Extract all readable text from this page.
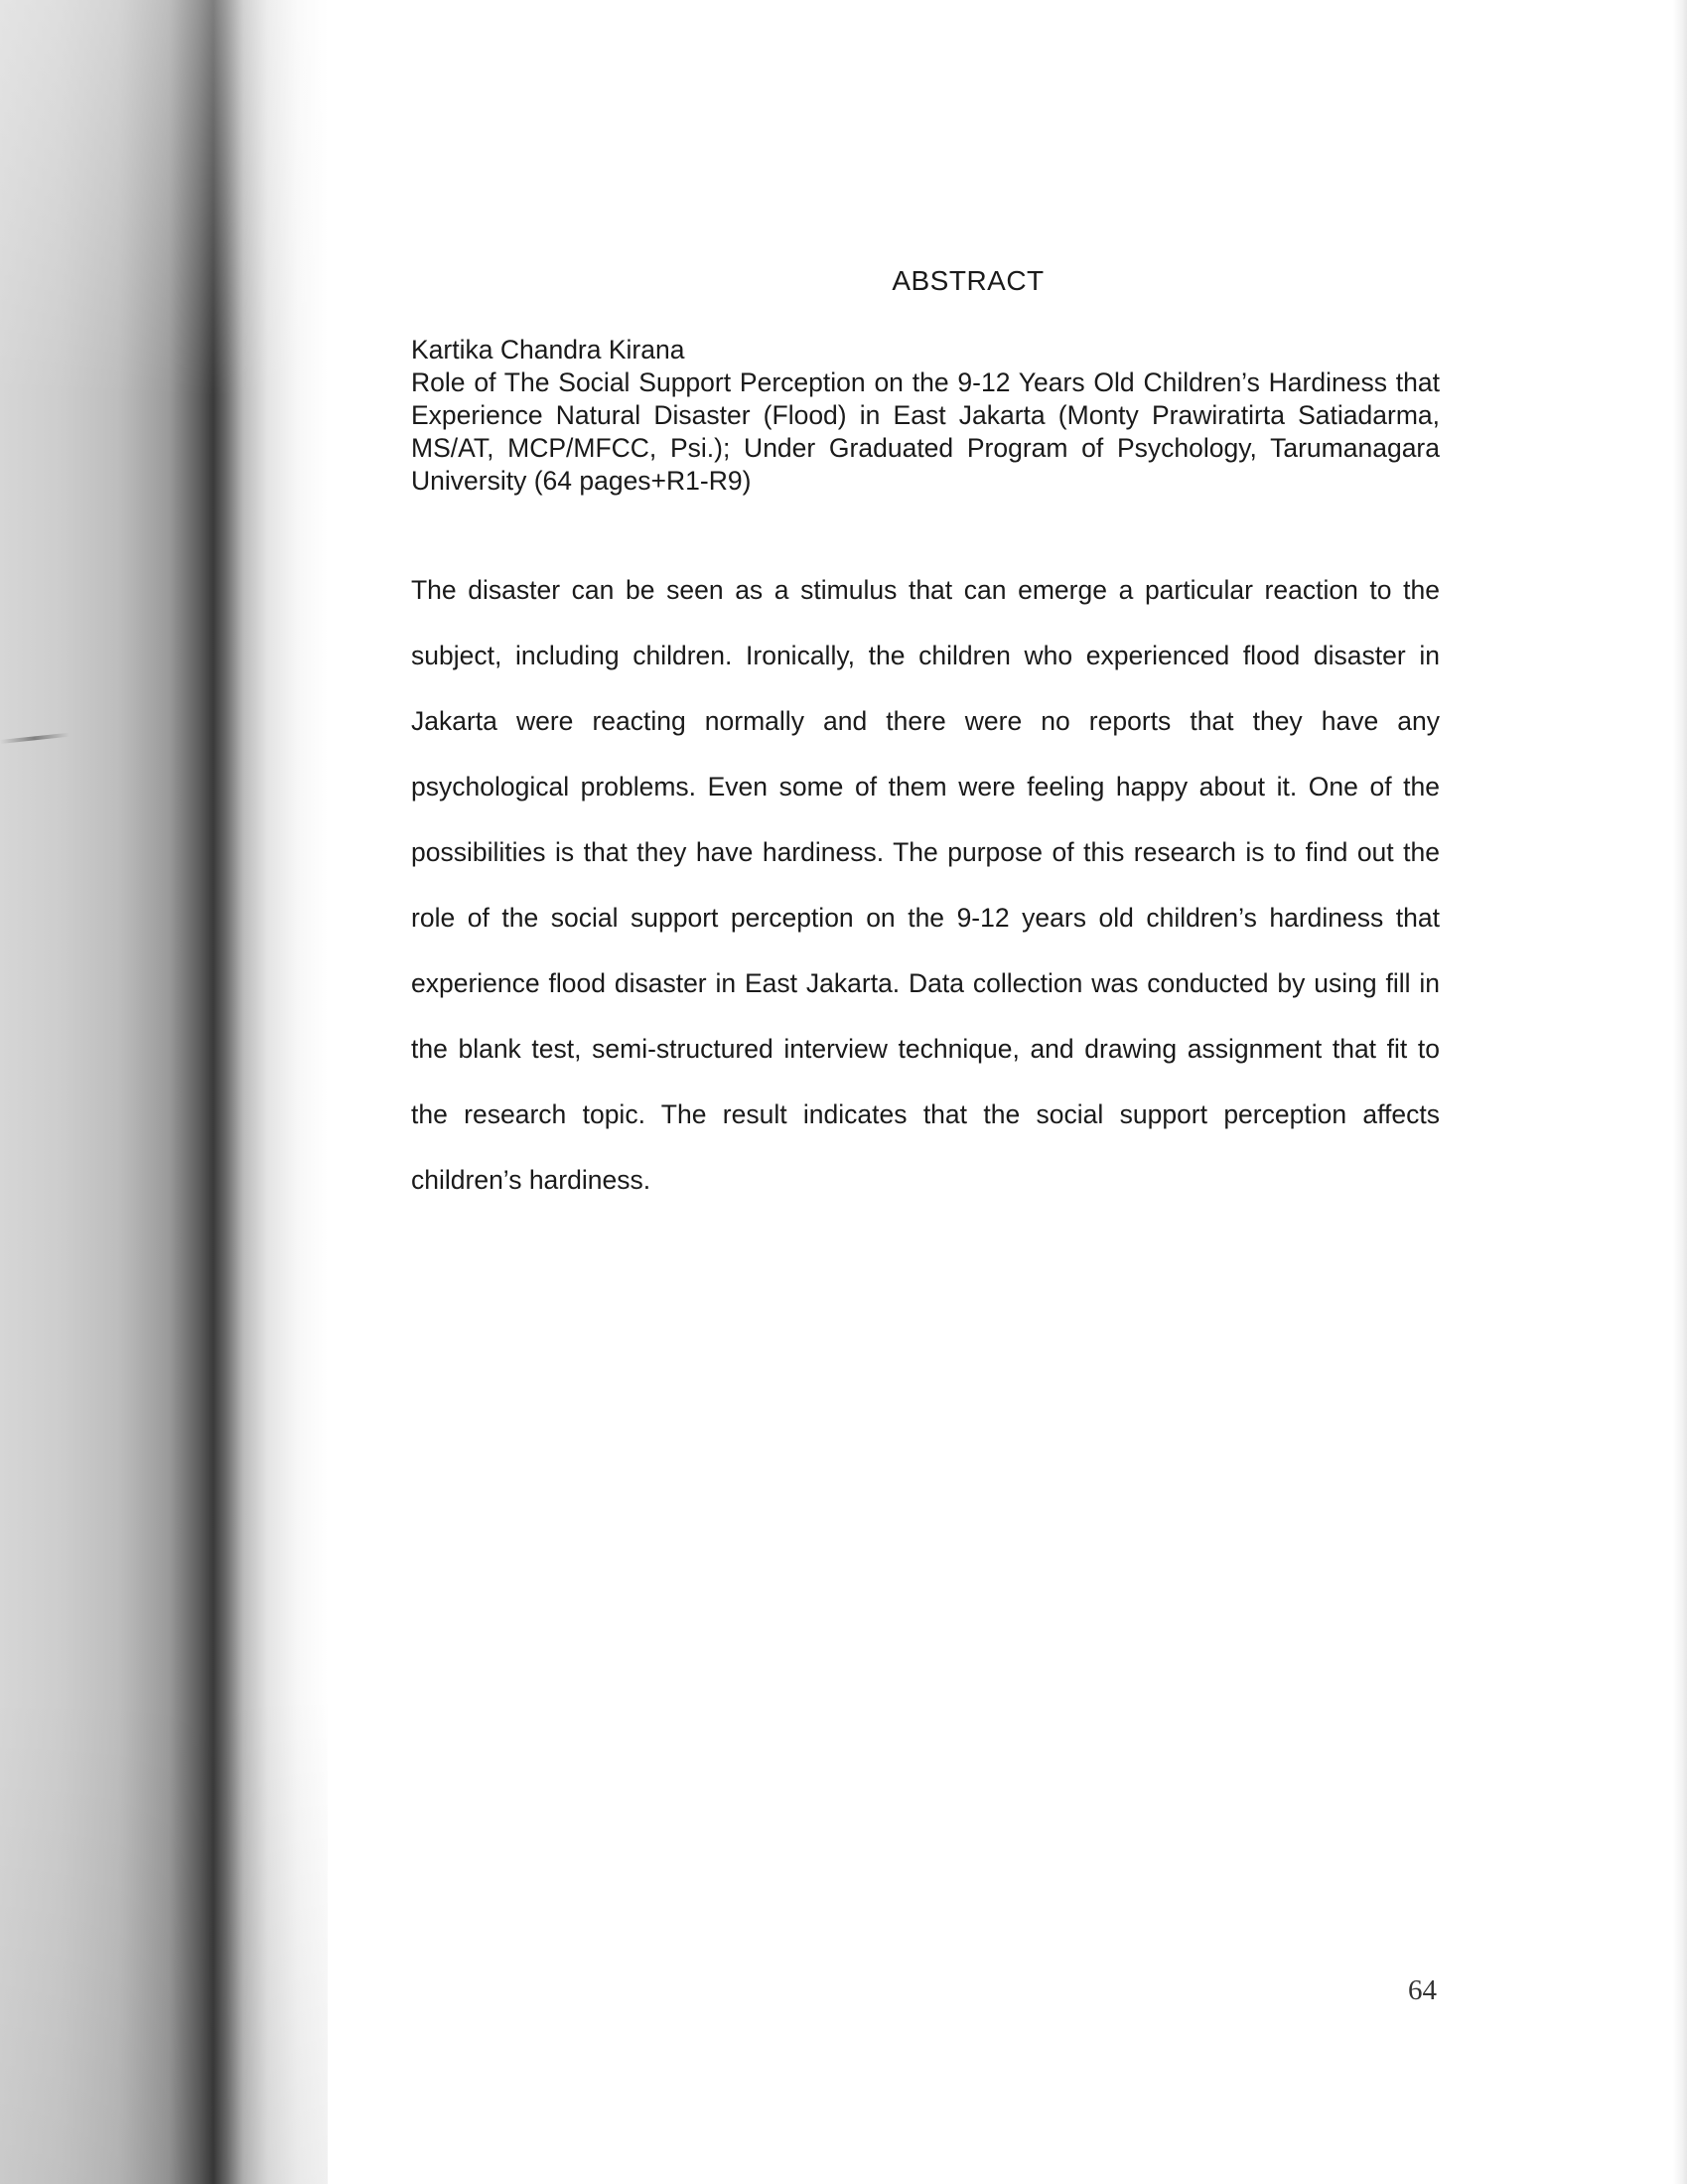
ABSTRACT
Kartika Chandra Kirana
Role of The Social Support Perception on the 9-12 Years Old Children’s Hardiness that Experience Natural Disaster (Flood) in East Jakarta (Monty Prawiratirta Satiadarma, MS/AT, MCP/MFCC, Psi.); Under Graduated Program of Psychology, Tarumanagara University (64 pages+R1-R9)

The disaster can be seen as a stimulus that can emerge a particular reaction to the subject, including children. Ironically, the children who experienced flood disaster in Jakarta were reacting normally and there were no reports that they have any psychological problems. Even some of them were feeling happy about it. One of the possibilities is that they have hardiness. The purpose of this research is to find out the role of the social support perception on the 9-12 years old children’s hardiness that experience flood disaster in East Jakarta. Data collection was conducted by using fill in the blank test, semi-structured interview technique, and drawing assignment that fit to the research topic. The result indicates that the social support perception affects children’s hardiness.

64
